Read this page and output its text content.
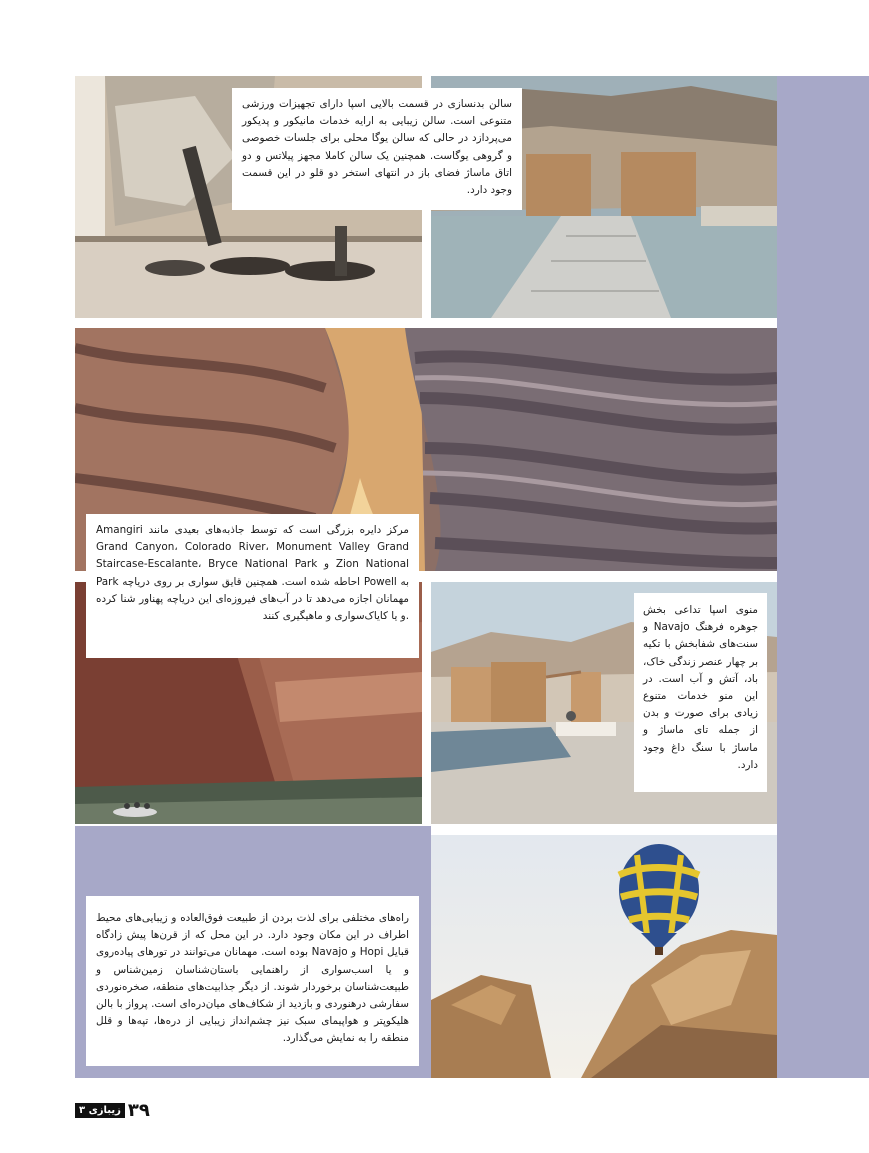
سالن بدنسازی در قسمت بالایی اسپا دارای تجهیزات ورزشی متنوعی است. سالن زیبایی به ارایه خدمات مانیکور و پدیکور می‌پردازد در حالی که سالن یوگا محلی برای جلسات خصوصی و گروهی یوگاست. همچنین یک سالن کاملا مجهز پیلاتس و دو اتاق ماساژ فضای باز در انتهای استخر دو قلو در این قسمت وجود دارد.
Amangiri مرکز دایره بزرگی است که توسط جاذبه‌های بعیدی مانند Grand Canyon، Colorado River، Monument Valley Grand Staircase-Escalante، Bryce National Park و Zion National Park احاطه شده است. همچنین قایق سواری بر روی دریاچه Powell به مهمانان اجازه می‌دهد تا در آب‌های فیروزه‌ای این دریاچه پهناور شنا کرده و یا کایاک‌سواری و ماهیگیری کنند.
منوی اسپا تداعی بخش جوهره فرهنگ Navajo و سنت‌های شفابخش با تکیه بر چهار عنصر زندگی خاک، باد، آتش و آب است. در این منو خدمات متنوع زیادی برای صورت و بدن از جمله تای ماساژ و ماساژ با سنگ داغ وجود دارد.
راه‌های مختلفی برای لذت بردن از طبیعت فوق‌العاده و زیبایی‌های محیط اطراف در این مکان وجود دارد. در این محل که از قرن‌ها پیش زادگاه قبایل Hopi و Navajo بوده است. مهمانان می‌توانند در تورهای پیاده‌روی و یا اسب‌سواری از راهنمایی باستان‌شناسان زمین‌شناس و طبیعت‌شناسان برخوردار شوند. از دیگر جذابیت‌های منطقه، صخره‌نوردی سفارشی درهنوردی و بازدید از شکاف‌های میان‌دره‌ای است. پرواز با بالن هلیکوپتر و هواپیمای سبک نیز چشم‌انداز زیبایی از دره‌ها، تپه‌ها و قلل منطقه را به نمایش می‌گذارد.
زیبازی ۳ ۳۹
